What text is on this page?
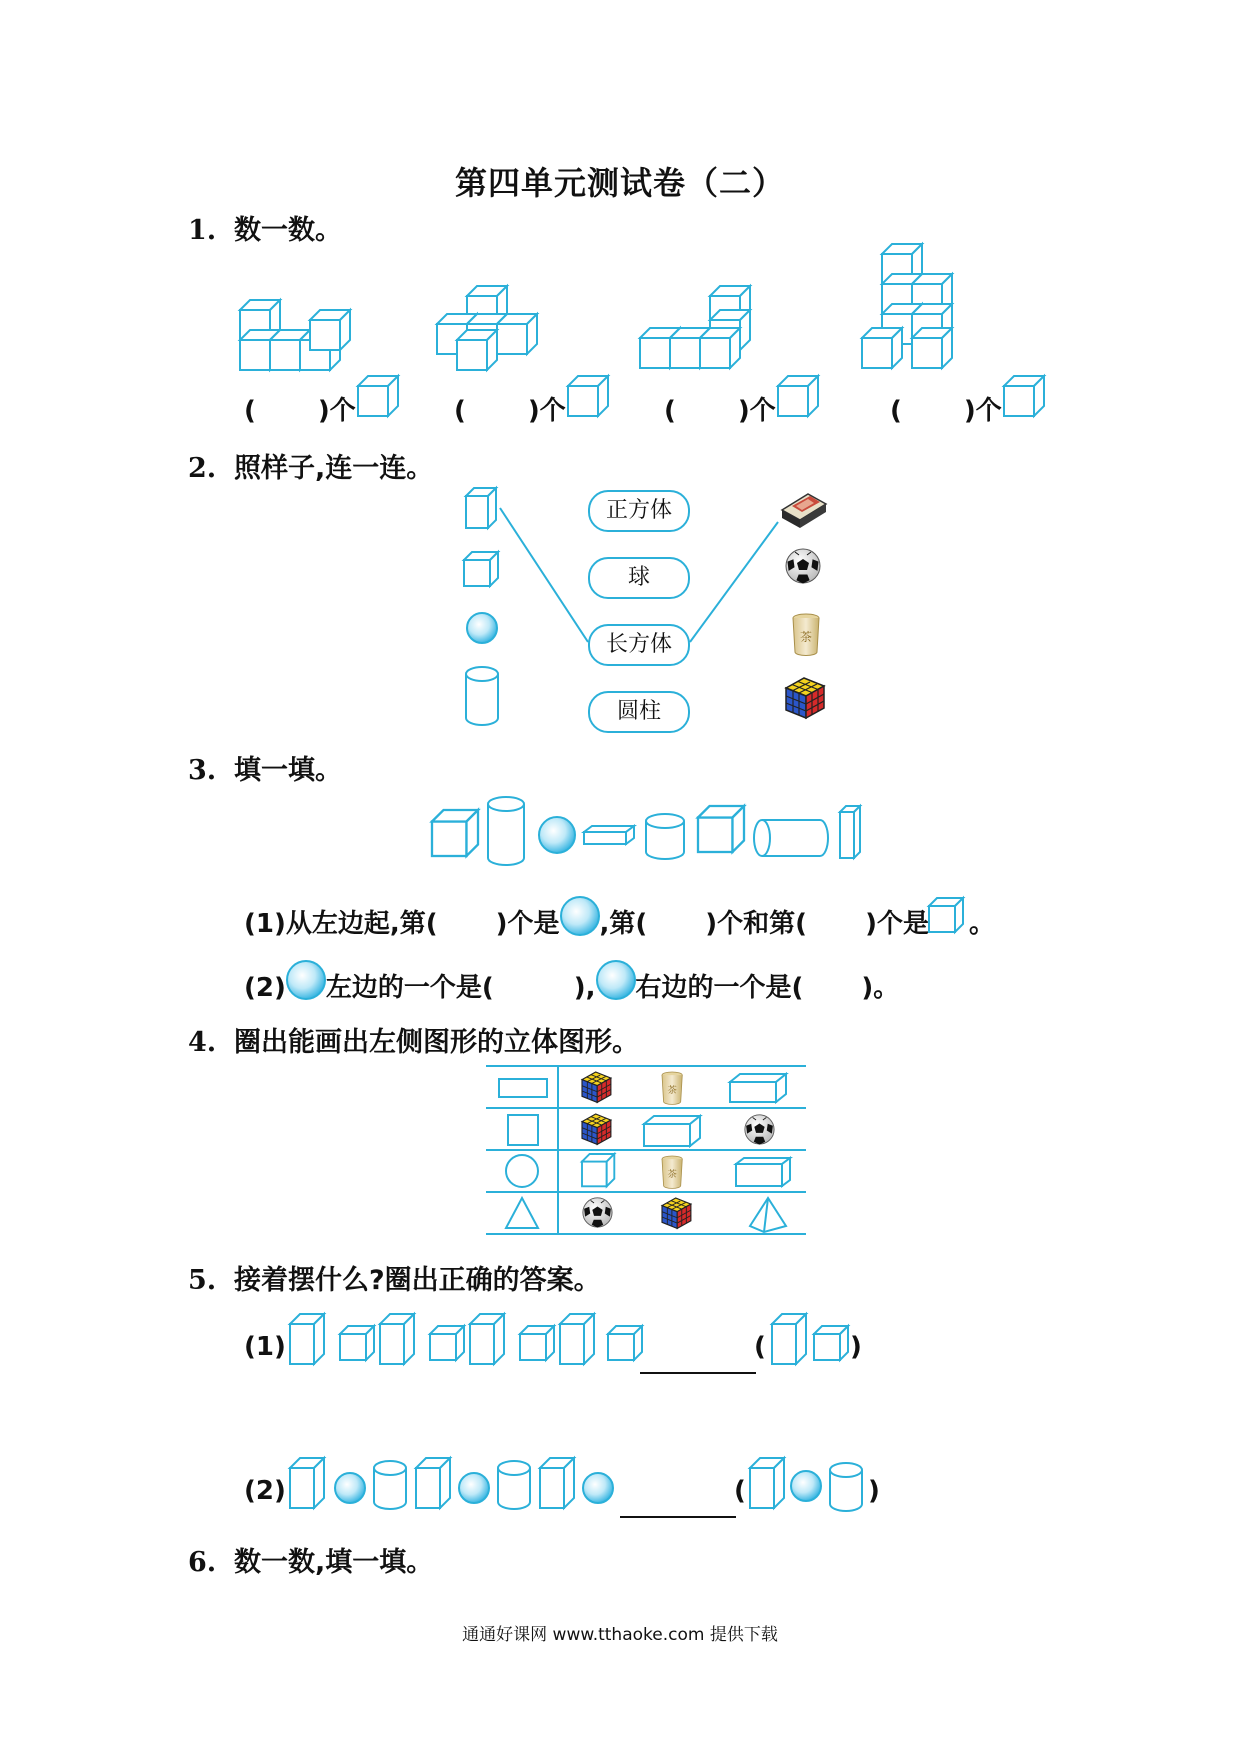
茶
第四单元测试卷（二）
1. 数一数。
( )个	( )个	( )个	( )个
2. 照样子,连一连。
正方体
球
长方体
圆柱
3. 填一填。
(1)从左边起,第( )个是 ,第( )个和第( )个是 。
(2) 左边的一个是(	), 右边的一个是( )。
4. 圈出能画出左侧图形的立体图形。
5. 接着摆什么?圈出正确的答案。
(1)	(	)
(2)	(	)
6. 数一数,填一填。
通通好课网 www.tthaoke.com 提供下载
